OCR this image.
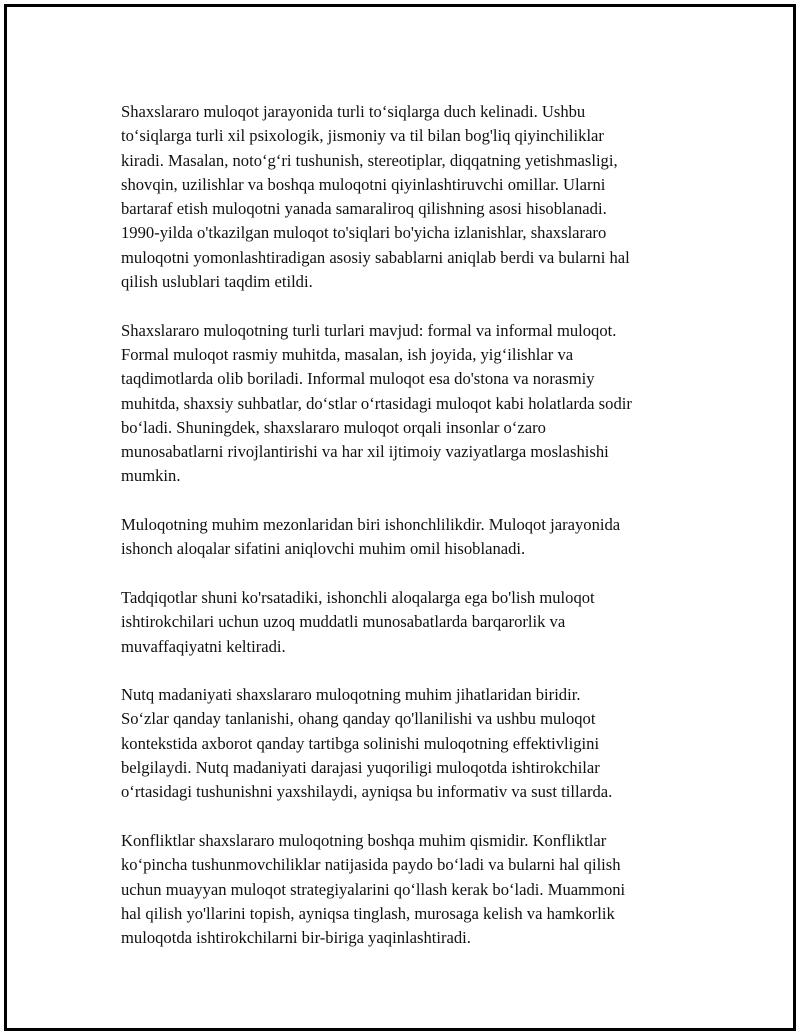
Shaxslararo muloqot jarayonida turli to‘siqlarga duch kelinadi. Ushbu
to‘siqlarga turli xil psixologik, jismoniy va til bilan bog'liq qiyinchiliklar
kiradi. Masalan, noto‘g‘ri tushunish, stereotiplar, diqqatning yetishmasligi,
shovqin, uzilishlar va boshqa muloqotni qiyinlashtiruvchi omillar. Ularni
bartaraf etish muloqotni yanada samaraliroq qilishning asosi hisoblanadi.
1990-yilda o'tkazilgan muloqot to'siqlari bo'yicha izlanishlar, shaxslararo
muloqotni yomonlashtiradigan asosiy sabablarni aniqlab berdi va bularni hal
qilish uslublari taqdim etildi.

Shaxslararo muloqotning turli turlari mavjud: formal va informal muloqot.
Formal muloqot rasmiy muhitda, masalan, ish joyida, yig‘ilishlar va
taqdimotlarda olib boriladi. Informal muloqot esa do'stona va norasmiy
muhitda, shaxsiy suhbatlar, do‘stlar o‘rtasidagi muloqot kabi holatlarda sodir
bo‘ladi. Shuningdek, shaxslararo muloqot orqali insonlar o‘zaro
munosabatlarni rivojlantirishi va har xil ijtimoiy vaziyatlarga moslashishi
mumkin.

Muloqotning muhim mezonlaridan biri ishonchlilikdir. Muloqot jarayonida
ishonch aloqalar sifatini aniqlovchi muhim omil hisoblanadi.

Tadqiqotlar shuni ko'rsatadiki, ishonchli aloqalarga ega bo'lish muloqot
ishtirokchilari uchun uzoq muddatli munosabatlarda barqarorlik va
muvaffaqiyatni keltiradi.

Nutq madaniyati shaxslararo muloqotning muhim jihatlaridan biridir.
So‘zlar qanday tanlanishi, ohang qanday qo'llanilishi va ushbu muloqot
kontekstida axborot qanday tartibga solinishi muloqotning effektivligini
belgilaydi. Nutq madaniyati darajasi yuqoriligi muloqotda ishtirokchilar
o‘rtasidagi tushunishni yaxshilaydi, ayniqsa bu informativ va sust tillarda.

Konfliktlar shaxslararo muloqotning boshqa muhim qismidir. Konfliktlar
ko‘pincha tushunmovchiliklar natijasida paydo bo‘ladi va bularni hal qilish
uchun muayyan muloqot strategiyalarini qo‘llash kerak bo‘ladi. Muammoni
hal qilish yo'llarini topish, ayniqsa tinglash, murosaga kelish va hamkorlik
muloqotda ishtirokchilarni bir-biriga yaqinlashtiradi.
